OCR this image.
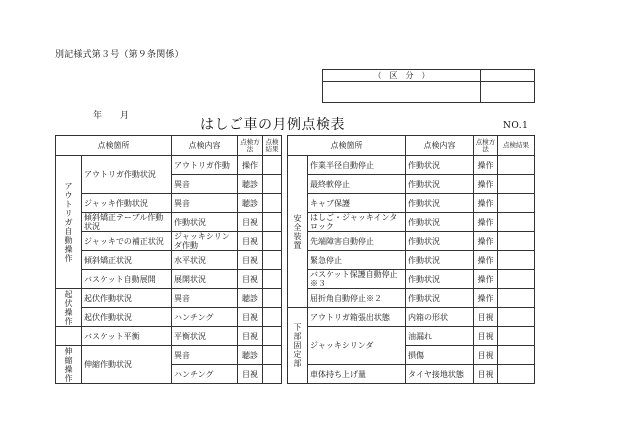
別記様式第３号（第９条関係）
（　区　分　）	

年 月
はしご車の月例点検表	NO.1
点検箇所		点検内容	点検方法	点検結果		点検箇所		点検内容	点検方法	点検結果
アウトリガ自動操作	アウトリガ作動状況	アウトリガ作動	操作			安全装置	作業半径自動停止	作動状況	操作	
		異音	聴診				最終軟停止	作動状況	操作	
	ジャッキ作動状況	異音	聴診				キャブ保護	作動状況	操作	
	傾斜矯正テーブル作動状況	作動状況	目視				はしご・ジャッキインタロック	作動状況	操作	
	ジャッキでの補正状況	ジャッキシリンダ作動	目視				先端障害自動停止	作動状況	操作	
	傾斜矯正状況	水平状況	目視				緊急停止	作動状況	操作	
	バスケット自動展開	展開状況	目視				バスケット保護自動停止※３	作動状況	操作	
起伏操作	起伏作動状況	異音	聴診				屈折角自動停止※２	作動状況	操作	
	起伏作動状況	ハンチング	目視			下部固定部	アウトリガ箱張出状態	内箱の形状	目視	
	バスケット平衡	平衡状況	目視				ジャッキシリンダ	油漏れ	目視	
伸縮操作	伸縮作動状況	異音	聴診					損傷	目視	
		ハンチング	目視				車体持ち上げ量	タイヤ接地状態	目視	
